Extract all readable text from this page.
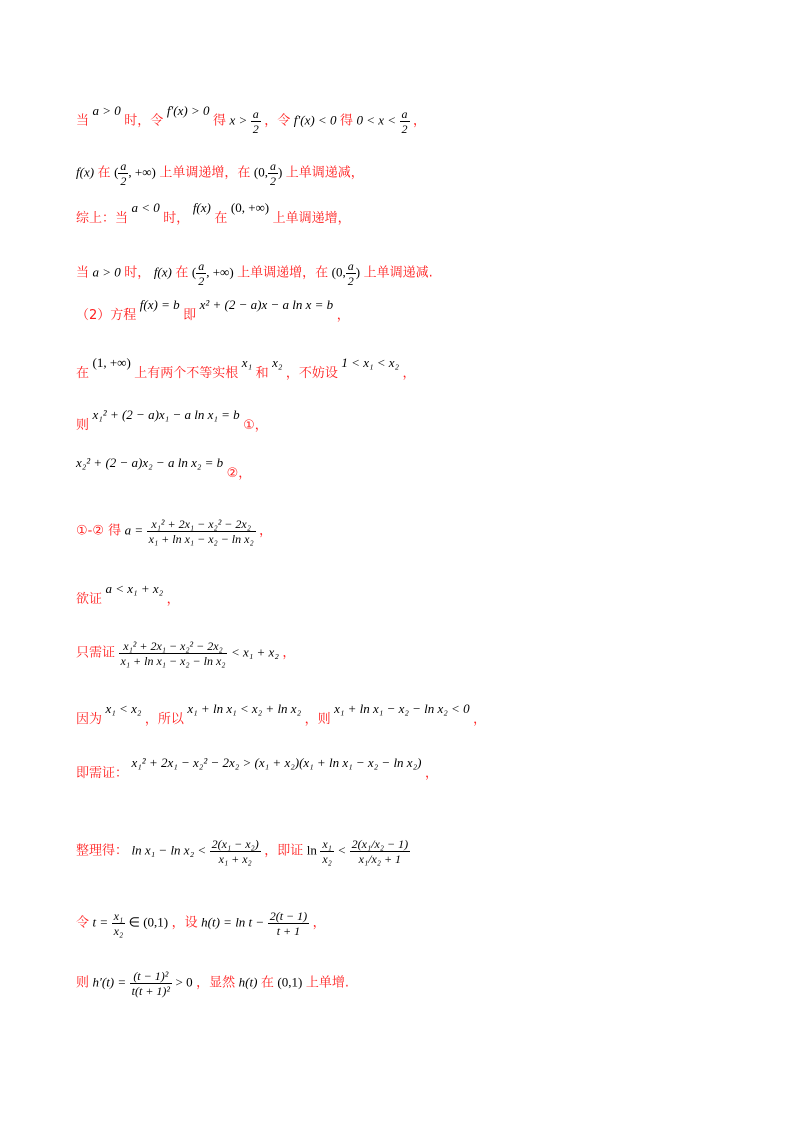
当 a > 0 时，令 f′(x) > 0 得 $x > \frac{a}{2}$ ，令 f′(x) < 0 得 $0 < x < \frac{a}{2}$ ，
f(x) 在 ( $\frac{a}{2}$ , +∞) 上单调递增，在 (0, $\frac{a}{2}$ ) 上单调递减，
综上：当 a < 0 时， f(x) 在 (0, +∞) 上单调递增，
当 a > 0 时， f(x) 在 ( $\frac{a}{2}$ , +∞) 上单调递增，在 (0, $\frac{a}{2}$ ) 上单调递减.
（2）方程 f(x) = b 即 x² + (2 − a)x − a ln x = b ，
在 (1, +∞) 上有两个不等实根 x₁ 和 x₂ ，不妨设 1 < x₁ < x₂ ，
则 x₁² + (2 − a)x₁ − a ln x₁ = b ①，
x₂² + (2 − a)x₂ − a ln x₂ = b ②，
①-② 得 $a = \frac{\text{x₁² + 2x₁ − x₂² − 2x₂}}{\text{x₁ + ln x₁ − x₂ − ln x₂}}$ ，
欲证 a < x₁ + x₂ ，
只需证 $\frac{\text{x₁² + 2x₁ − x₂² − 2x₂}}{\text{x₁ + ln x₁ − x₂ − ln x₂}} < x_1 + x_2$ ，
因为 x₁ < x₂ ，所以 x₁ + ln x₁ < x₂ + ln x₂ ，则 x₁ + ln x₁ − x₂ − ln x₂ < 0 ，
即需证： x₁² + 2x₁ − x₂² − 2x₂ > (x₁ + x₂)(x₁ + ln x₁ − x₂ − ln x₂) ，
整理得： $\ln x_1 - \ln x_2 < \frac{\text{2(x₁ − x₂)}}{\text{x₁ + x₂}}$ ，即证 $\ln \frac{\text{x₁}}{\text{x₂}} < \frac{\text{2(x₁/x₂ − 1)}}{\text{x₁/x₂ + 1}}$
令 $t = \frac{\text{x₁}}{\text{x₂}}$ ∈ (0,1) ，设 $h(t) = \ln t - \frac{2(t - 1)}{t + 1}$ ，
则 $h'(t) = \frac{\text{(t − 1)²}}{\text{t(t + 1)²}} > 0$ ，显然 h(t) 在 (0,1) 上单增.
